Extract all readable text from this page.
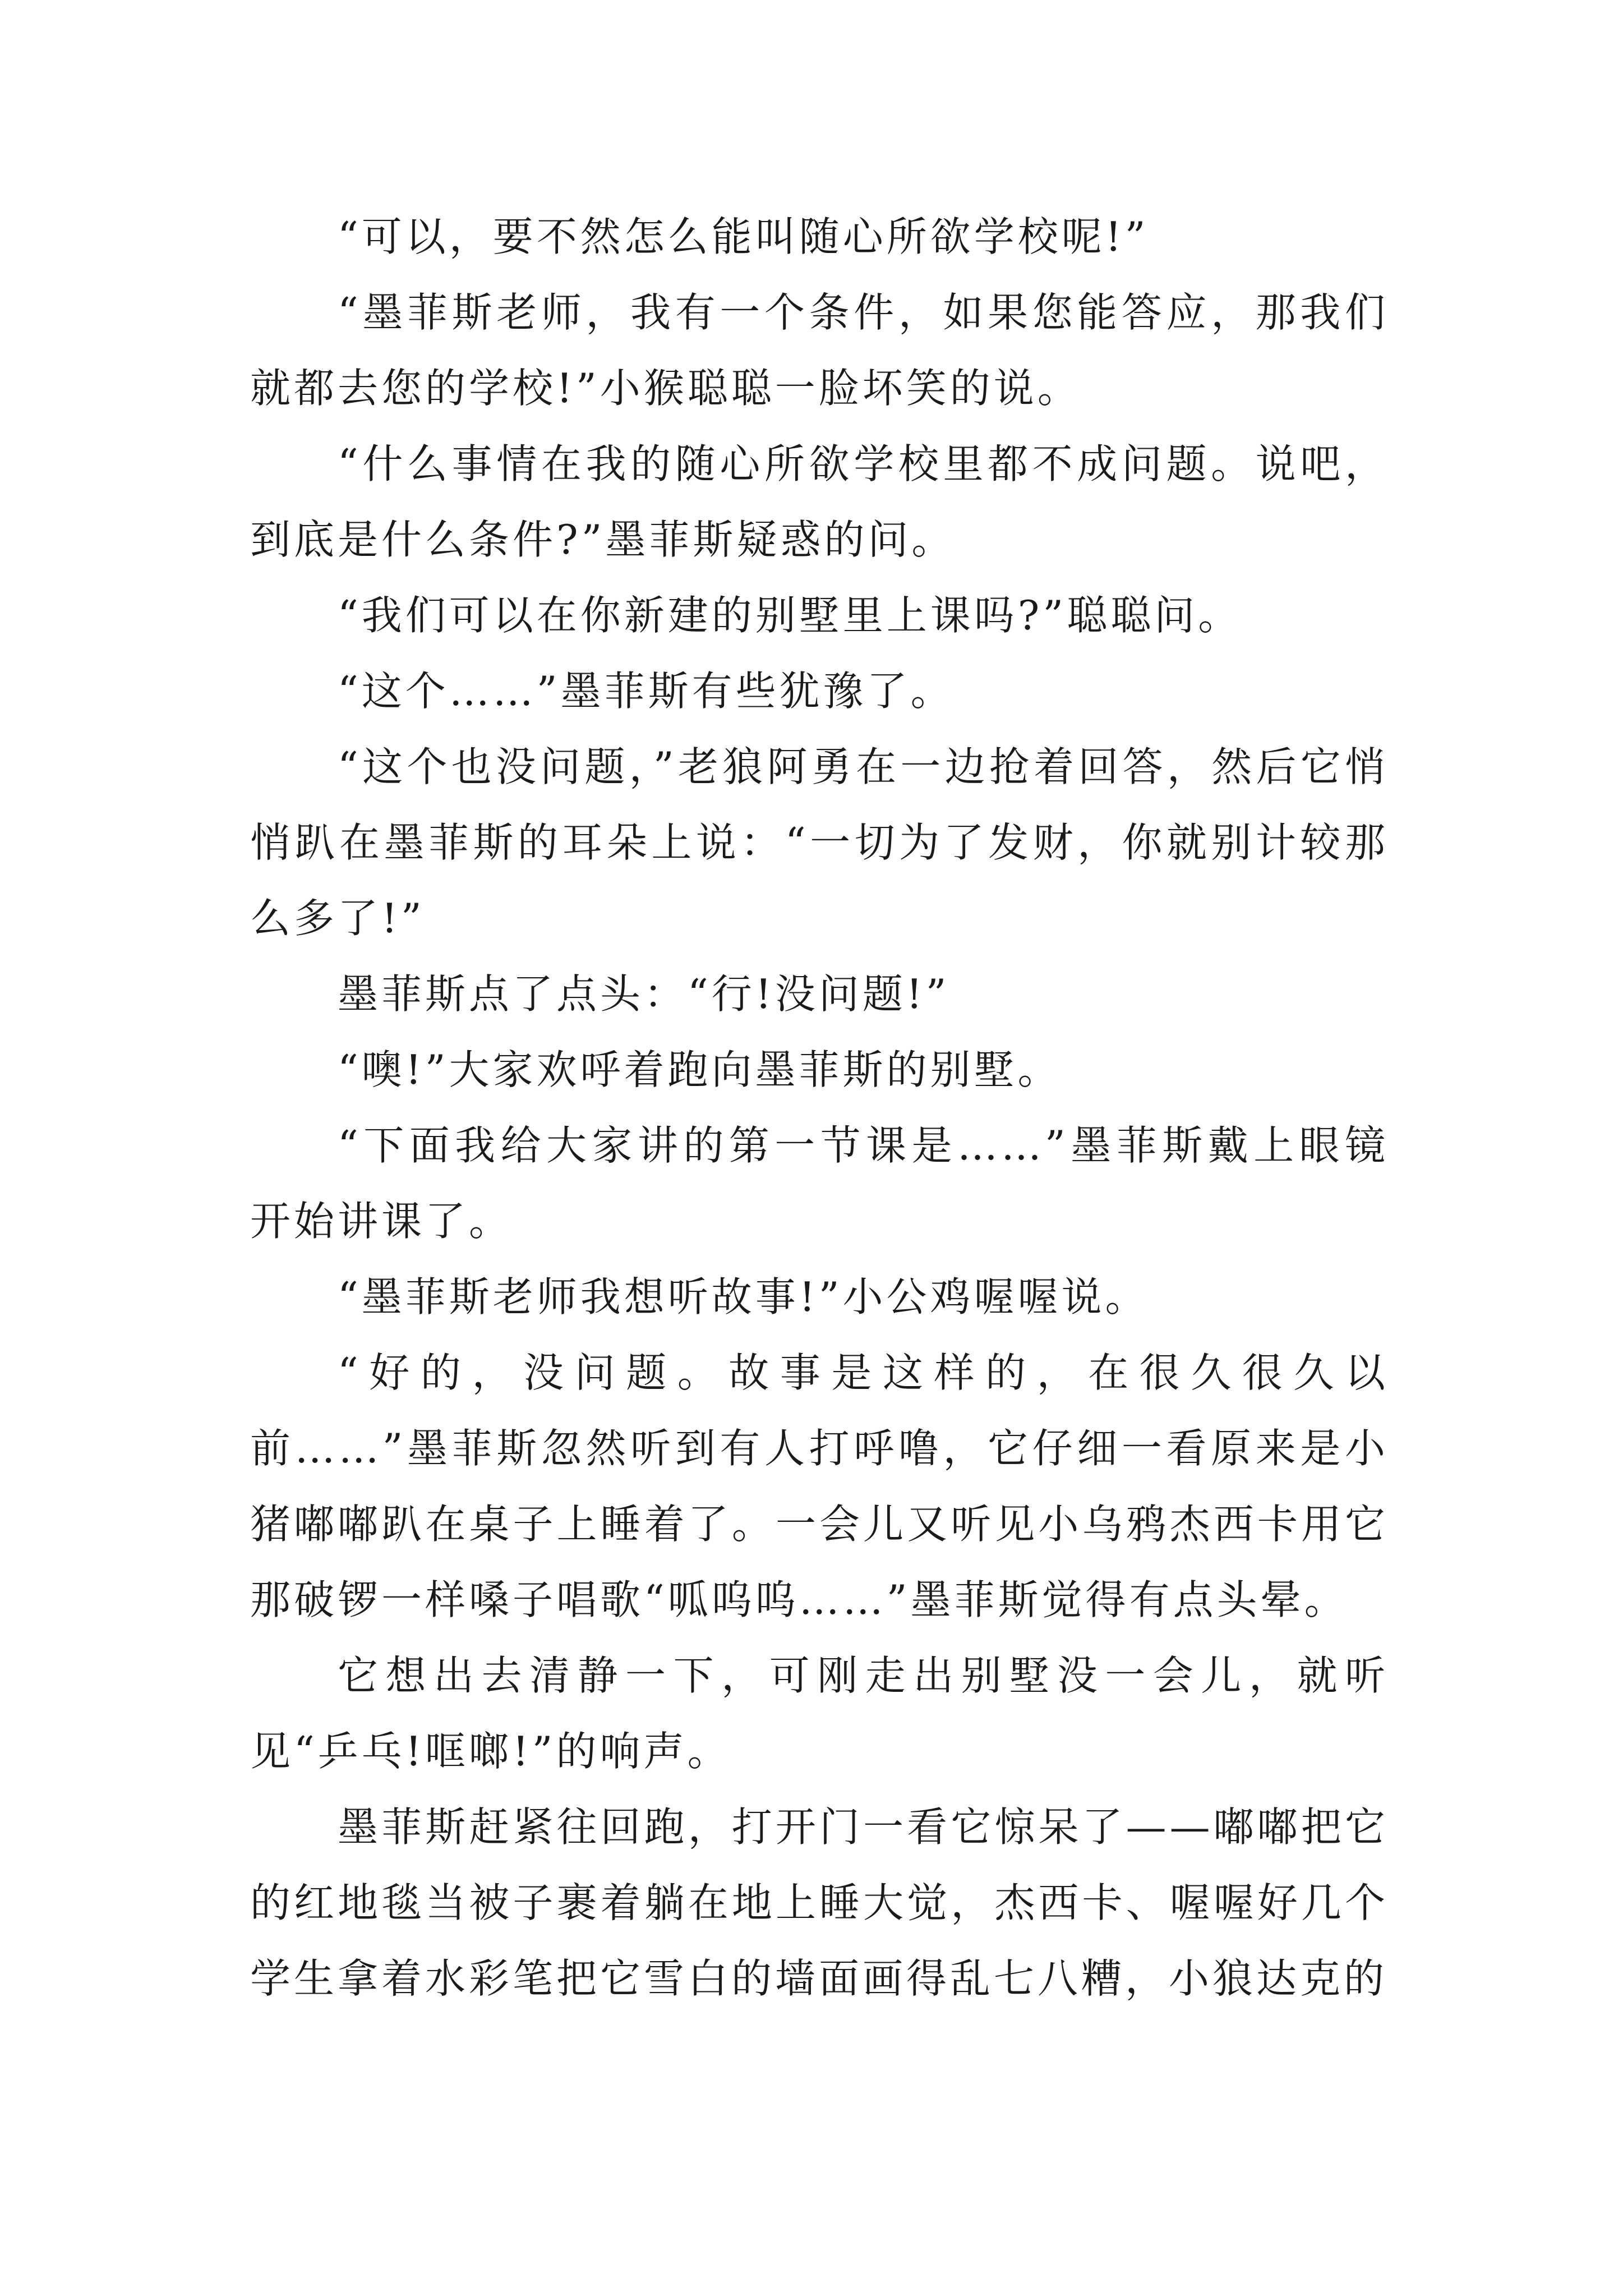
“可以，要不然怎么能叫随心所欲学校呢!”

“墨菲斯老师，我有一个条件，如果您能答应，那我们就都去您的学校!”小猴聪聪一脸坏笑的说。

“什么事情在我的随心所欲学校里都不成问题。说吧，到底是什么条件?”墨菲斯疑惑的问。

“我们可以在你新建的别墅里上课吗?”聪聪问。

“这个……”墨菲斯有些犹豫了。

“这个也没问题，”老狼阿勇在一边抢着回答，然后它悄悄趴在墨菲斯的耳朵上说：“一切为了发财，你就别计较那么多了!”

墨菲斯点了点头：“行!没问题!”

“噢!”大家欢呼着跑向墨菲斯的别墅。

“下面我给大家讲的第一节课是……”墨菲斯戴上眼镜开始讲课了。

“墨菲斯老师我想听故事!”小公鸡喔喔说。

“好的，没问题。故事是这样的，在很久很久以前……”墨菲斯忽然听到有人打呼噜，它仔细一看原来是小猪嘟嘟趴在桌子上睡着了。一会儿又听见小乌鸦杰西卡用它那破锣一样嗓子唱歌“呱呜呜……”墨菲斯觉得有点头晕。

它想出去清静一下，可刚走出别墅没一会儿，就听见“乒乓!哐啷!”的响声。

墨菲斯赶紧往回跑，打开门一看它惊呆了——嘟嘟把它的红地毯当被子裹着躺在地上睡大觉，杰西卡、喔喔好几个学生拿着水彩笔把它雪白的墙面画得乱七八糟，小狼达克的
